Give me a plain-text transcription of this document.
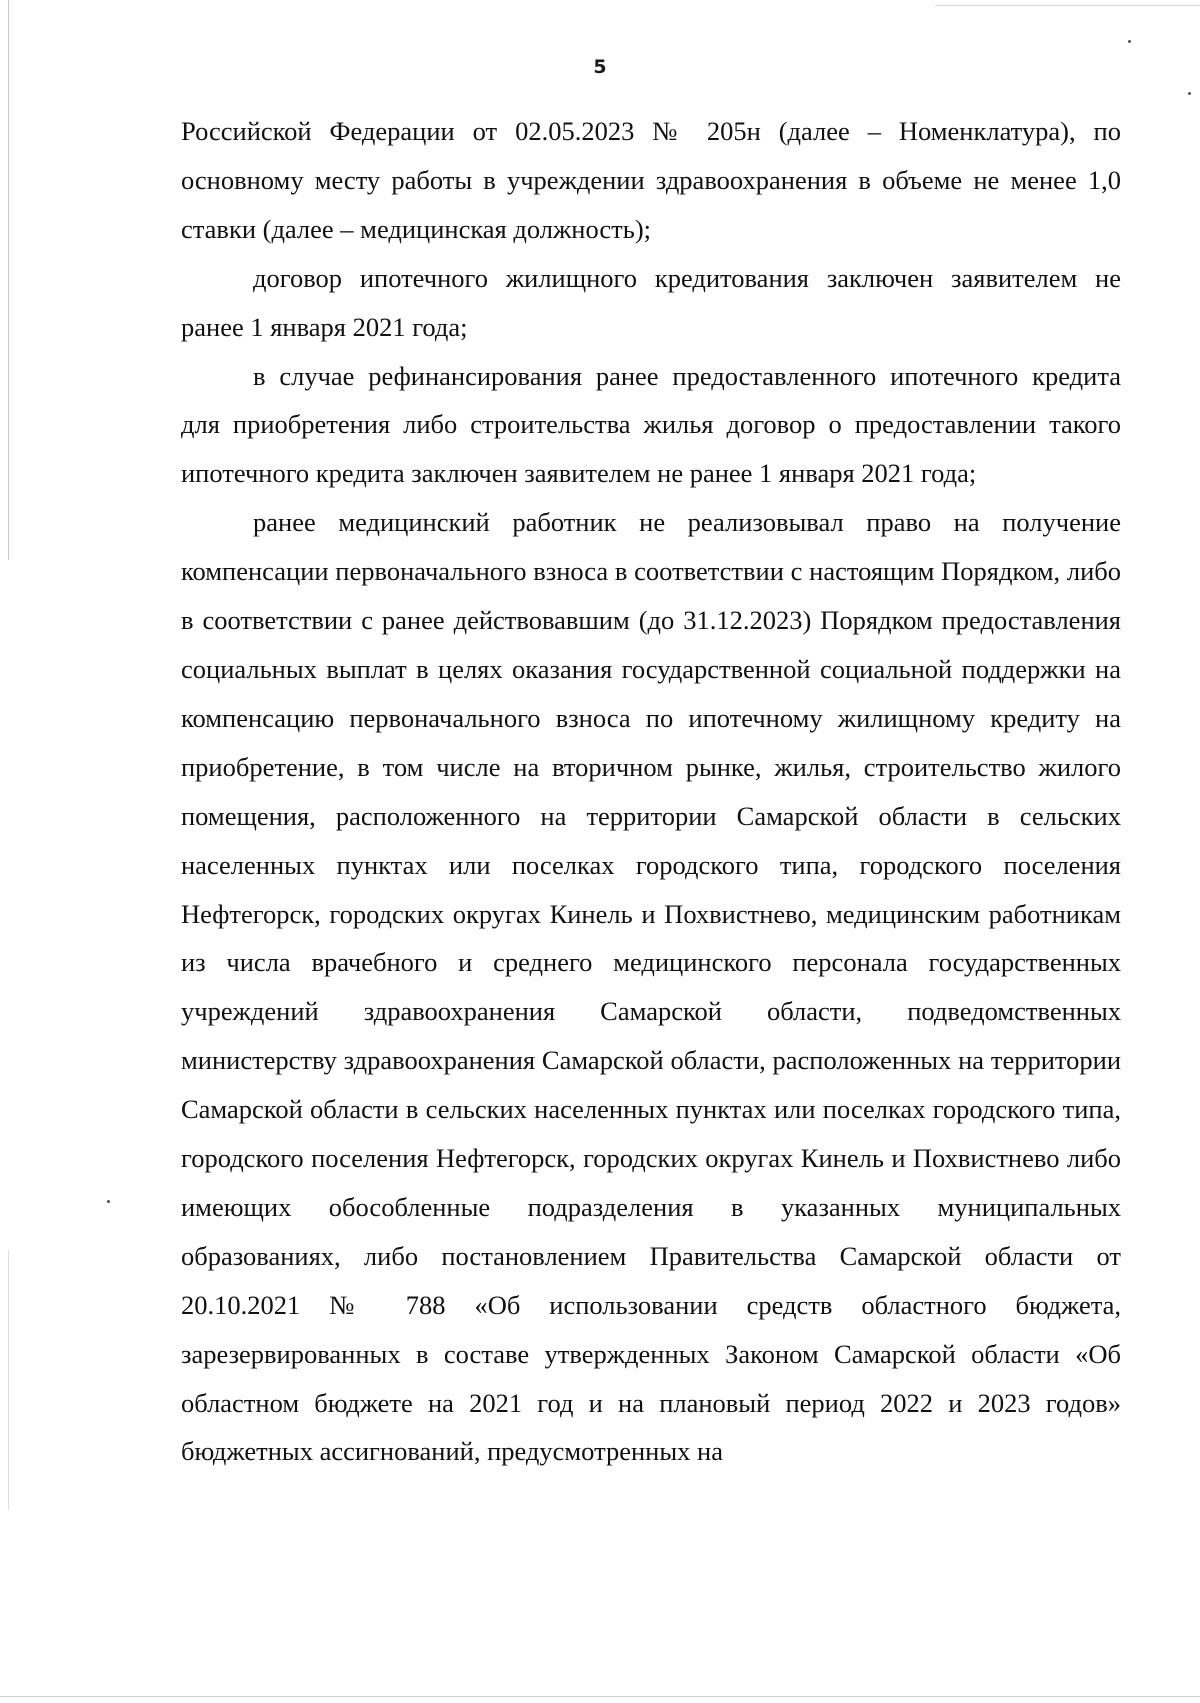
5

Российской Федерации от 02.05.2023 № 205н (далее – Номенклатура), по основному месту работы в учреждении здравоохранения в объеме не менее 1,0 ставки (далее – медицинская должность);

договор ипотечного жилищного кредитования заключен заявителем не ранее 1 января 2021 года;

в случае рефинансирования ранее предоставленного ипотечного кредита для приобретения либо строительства жилья договор о предоставлении такого ипотечного кредита заключен заявителем не ранее 1 января 2021 года;

ранее медицинский работник не реализовывал право на получение компенсации первоначального взноса в соответствии с настоящим Порядком, либо в соответствии с ранее действовавшим (до 31.12.2023) Порядком предоставления социальных выплат в целях оказания государственной социальной поддержки на компенсацию первоначального взноса по ипотечному жилищному кредиту на приобретение, в том числе на вторичном рынке, жилья, строительство жилого помещения, расположенного на территории Самарской области в сельских населенных пунктах или поселках городского типа, городского поселения Нефтегорск, городских округах Кинель и Похвистнево, медицинским работникам из числа врачебного и среднего медицинского персонала государственных учреждений здравоохранения Самарской области, подведомственных министерству здравоохранения Самарской области, расположенных на территории Самарской области в сельских населенных пунктах или поселках городского типа, городского поселения Нефтегорск, городских округах Кинель и Похвистнево либо имеющих обособленные подразделения в указанных муниципальных образованиях, либо постановлением Правительства Самарской области от 20.10.2021 № 788 «Об использовании средств областного бюджета, зарезервированных в составе утвержденных Законом Самарской области «Об областном бюджете на 2021 год и на плановый период 2022 и 2023 годов» бюджетных ассигнований, предусмотренных на
